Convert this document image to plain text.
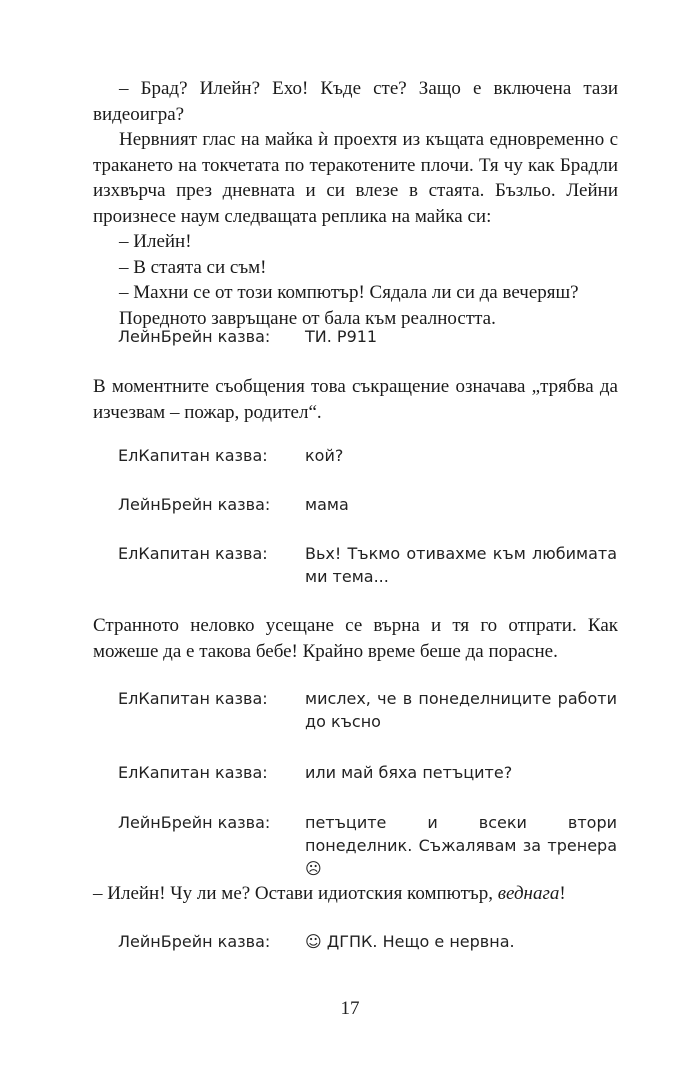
– Брад? Илейн? Ехо! Къде сте? Защо е включена тази видеоигра?

Нервният глас на майка ѝ проехтя из къщата едновременно с тракането на токчетата по теракотените плочи. Тя чу как Брадли изхвърча през дневната и си влезе в стаята. Бъзльо. Лейни произнесе наум следващата реплика на майка си:

– Илейн!

– В стаята си съм!

– Махни се от този компютър! Сядала ли си да вечеряш?

Поредното завръщане от бала към реалността.

ЛейнБрейн казва: ТИ. Р911

В моментните съобщения това съкращение означава „трябва да изчезвам – пожар, родител“.

ЕлКапитан казва: кой?
ЛейнБрейн казва: мама
ЕлКапитан казва: Вьх! Тъкмо отивахме към любимата ми тема...

Странното неловко усещане се върна и тя го отпрати. Как можеше да е такова бебе! Крайно време беше да порасне.

ЕлКапитан казва: мислех, че в понеделниците работи до късно
ЕлКапитан казва: или май бяха петъците?
ЛейнБрейн казва: петъците и всеки втори понеделник. Съжалявам за тренера ☹

– Илейн! Чу ли ме? Остави идиотския компютър, веднага!

ЛейнБрейн казва: ☺ ДГПК. Нещо е нервна.
17
